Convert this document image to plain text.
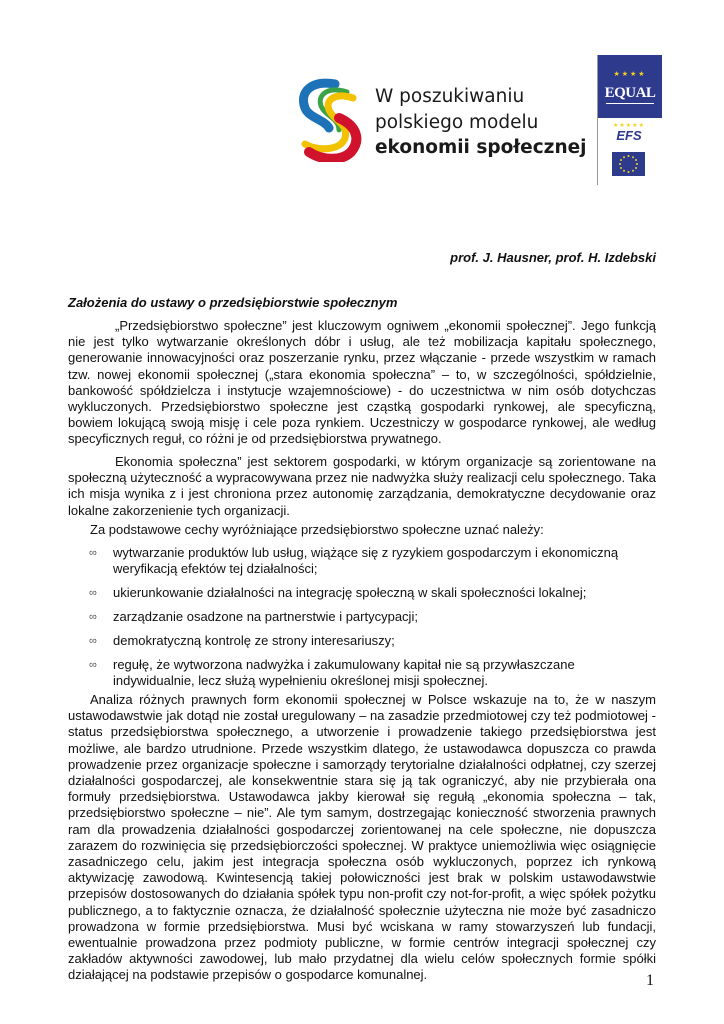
W poszukiwaniu
polskiego modelu
ekonomii społecznej
★★★★
EQUAL
★★★★★
EFS
prof. J. Hausner, prof. H. Izdebski
Założenia do ustawy o przedsiębiorstwie społecznym
„Przedsiębiorstwo społeczne” jest kluczowym ogniwem „ekonomii społecznej”. Jego funkcją nie jest tylko wytwarzanie określonych dóbr i usług, ale też mobilizacja kapitału społecznego, generowanie innowacyjności oraz poszerzanie rynku, przez włączanie - przede wszystkim w ramach tzw. nowej ekonomii społecznej („stara ekonomia społeczna” – to, w szczególności, spółdzielnie, bankowość spółdzielcza i instytucje wzajemnościowe) - do uczestnictwa w nim osób dotychczas wykluczonych. Przedsiębiorstwo społeczne jest cząstką gospodarki rynkowej, ale specyficzną, bowiem lokującą swoją misję i cele poza rynkiem. Uczestniczy w gospodarce rynkowej, ale według specyficznych reguł, co różni je od przedsiębiorstwa prywatnego.
Ekonomia społeczna” jest sektorem gospodarki, w którym organizacje są zorientowane na społeczną użyteczność a wypracowywana przez nie nadwyżka służy realizacji celu społecznego. Taka ich misja wynika z i jest chroniona przez autonomię zarządzania, demokratyczne decydowanie oraz lokalne zakorzenienie tych organizacji.
Za podstawowe cechy wyróżniające przedsiębiorstwo społeczne uznać należy:
∞	wytwarzanie produktów lub usług, wiążące się z ryzykiem gospodarczym i ekonomiczną weryfikacją efektów tej działalności;
∞	ukierunkowanie działalności na integrację społeczną w skali społeczności lokalnej;
∞	zarządzanie osadzone na partnerstwie i partycypacji;
∞	demokratyczną kontrolę ze strony interesariuszy;
∞	regułę, że wytworzona nadwyżka i zakumulowany kapitał nie są przywłaszczane indywidualnie, lecz służą wypełnieniu określonej misji społecznej.
Analiza różnych prawnych form ekonomii społecznej w Polsce wskazuje na to, że w naszym ustawodawstwie jak dotąd nie został uregulowany – na zasadzie przedmiotowej czy też podmiotowej - status przedsiębiorstwa społecznego, a utworzenie i prowadzenie takiego przedsiębiorstwa jest możliwe, ale bardzo utrudnione. Przede wszystkim dlatego, że ustawodawca dopuszcza co prawda prowadzenie przez organizacje społeczne i samorządy terytorialne działalności odpłatnej, czy szerzej działalności gospodarczej, ale konsekwentnie stara się ją tak ograniczyć, aby nie przybierała ona formuły przedsiębiorstwa. Ustawodawca jakby kierował się regułą „ekonomia społeczna – tak, przedsiębiorstwo społeczne – nie”. Ale tym samym, dostrzegając konieczność stworzenia prawnych ram dla prowadzenia działalności gospodarczej zorientowanej na cele społeczne, nie dopuszcza zarazem do rozwinięcia się przedsiębiorczości społecznej. W praktyce uniemożliwia więc osiągnięcie zasadniczego celu, jakim jest integracja społeczna osób wykluczonych, poprzez ich rynkową aktywizację zawodową. Kwintesencją takiej połowiczności jest brak w polskim ustawodawstwie przepisów dostosowanych do działania spółek typu non-profit czy not-for-profit, a więc spółek pożytku publicznego, a to faktycznie oznacza, że działalność społecznie użyteczna nie może być zasadniczo prowadzona w formie przedsiębiorstwa. Musi być wciskana w ramy stowarzyszeń lub fundacji, ewentualnie prowadzona przez podmioty publiczne, w formie centrów integracji społecznej czy zakładów aktywności zawodowej, lub mało przydatnej dla wielu celów społecznych formie spółki działającej na podstawie przepisów o gospodarce komunalnej.	1
